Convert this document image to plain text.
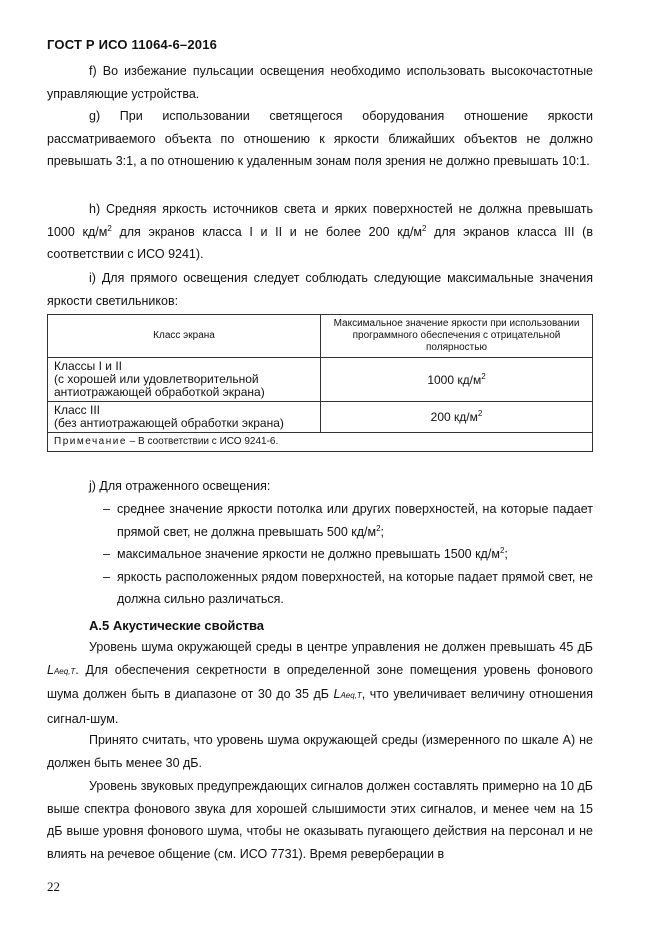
ГОСТ Р ИСО 11064-6–2016

f) Во избежание пульсации освещения необходимо использовать высокочастотные управляющие устройства.

g) При использовании светящегося оборудования отношение яркости рассматриваемого объекта по отношению к яркости ближайших объектов не должно превышать 3:1, а по отношению к удаленным зонам поля зрения не должно превышать 10:1.

h) Средняя яркость источников света и ярких поверхностей не должна превышать 1000 $кд/м^2$ для экранов класса I и II и не более 200 $кд/м^2$ для экранов класса III (в соответствии с ИСО 9241).

i) Для прямого освещения следует соблюдать следующие максимальные значения яркости светильников:

Класс экрана	Максимальное значение яркости при использовании программного обеспечения с отрицательной полярностью

Классы I и II
(с хорошей или удовлетворительной
антиотражающей обработкой экрана)	1000 $кд/м^2$

Класс III
(без антиотражающей обработки экрана)	200 $кд/м^2$
Примечание – В соответствии с ИСО 9241-6.	

j) Для отраженного освещения:

– среднее значение яркости потолка или других поверхностей, на которые падает прямой свет, не должна превышать 500 $кд/м^2$;
– максимальное значение яркости не должно превышать 1500 $кд/м^2$;
– яркость расположенных рядом поверхностей, на которые падает прямой свет, не должна сильно различаться.
А.5 Акустические свойства

Уровень шума окружающей среды в центре управления не должен превышать 45 дБ LAeq,T. Для обеспечения секретности в определенной зоне помещения уровень фонового шума должен быть в диапазоне от 30 до 35 дБ LAeq,T, что увеличивает величину отношения сигнал-шум.

Принято считать, что уровень шума окружающей среды (измеренного по шкале А) не должен быть менее 30 дБ.

Уровень звуковых предупреждающих сигналов должен составлять примерно на 10 дБ выше спектра фонового звука для хорошей слышимости этих сигналов, и менее чем на 15 дБ выше уровня фонового шума, чтобы не оказывать пугающего действия на персонал и не влиять на речевое общение (см. ИСО 7731). Время реверберации в

22
